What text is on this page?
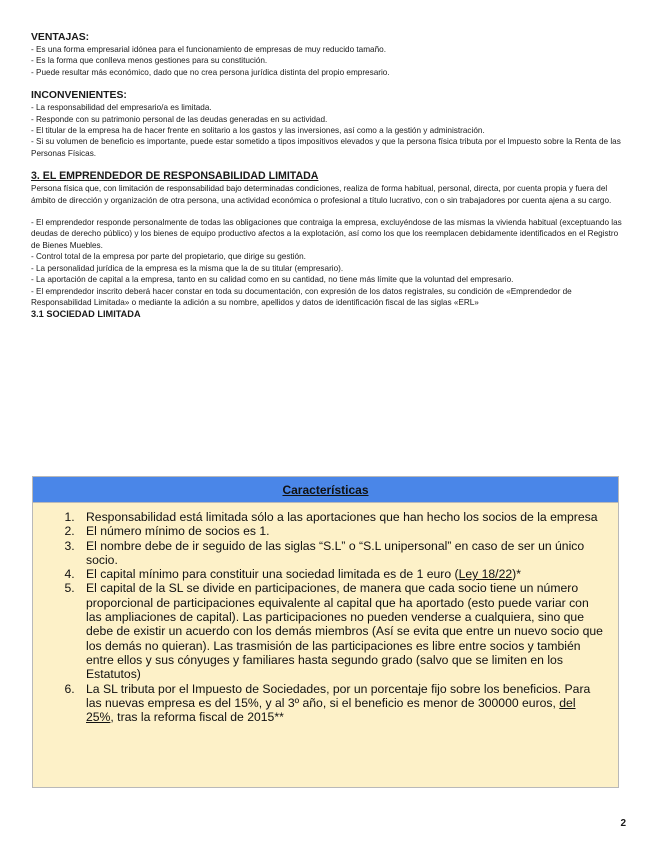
VENTAJAS:

- Es una forma empresarial idónea para el funcionamiento de empresas de muy reducido tamaño.

- Es la forma que conlleva menos gestiones para su constitución.

- Puede resultar más económico, dado que no crea persona jurídica distinta del propio empresario.

INCONVENIENTES:

- La responsabilidad del empresario/a es limitada.

- Responde con su patrimonio personal de las deudas generadas en su actividad.

- El titular de la empresa ha de hacer frente en solitario a los gastos y las inversiones, así como a la gestión y administración.

- Si su volumen de beneficio es importante, puede estar sometido a tipos impositivos elevados y que la persona física tributa por el Impuesto sobre la Renta de las Personas Físicas.

3. EL EMPRENDEDOR DE RESPONSABILIDAD LIMITADA

Persona física que, con limitación de responsabilidad bajo determinadas condiciones, realiza de forma habitual, personal, directa, por cuenta propia y fuera del ámbito de dirección y organización de otra persona, una actividad económica o profesional a título lucrativo, con o sin trabajadores por cuenta ajena a su cargo.

- El emprendedor responde personalmente de todas las obligaciones que contraiga la empresa, excluyéndose de las mismas la vivienda habitual (exceptuando las deudas de derecho público) y los bienes de equipo productivo afectos a la explotación, así como los que los reemplacen debidamente identificados en el Registro de Bienes Muebles.

- Control total de la empresa por parte del propietario, que dirige su gestión.

- La personalidad jurídica de la empresa es la misma que la de su titular (empresario).

- La aportación de capital a la empresa, tanto en su calidad como en su cantidad, no tiene más límite que la voluntad del empresario.

- El emprendedor inscrito deberá hacer constar en toda su documentación, con expresión de los datos registrales, su condición de «Emprendedor de Responsabilidad Limitada» o mediante la adición a su nombre, apellidos y datos de identificación fiscal de las siglas «ERL»

3.1 SOCIEDAD LIMITADA

Características
1. Responsabilidad está limitada sólo a las aportaciones que han hecho los socios de la empresa
2. El número mínimo de socios es 1.
3. El nombre debe de ir seguido de las siglas “S.L” o “S.L unipersonal” en caso de ser un único socio.
4. El capital mínimo para constituir una sociedad limitada es de 1 euro (Ley 18/22)*
5. El capital de la SL se divide en participaciones, de manera que cada socio tiene un número proporcional de participaciones equivalente al capital que ha aportado (esto puede variar con las ampliaciones de capital). Las participaciones no pueden venderse a cualquiera, sino que debe de existir un acuerdo con los demás miembros (Así se evita que entre un nuevo socio que los demás no quieran). Las trasmisión de las participaciones es libre entre socios y también entre ellos y sus cónyuges y familiares hasta segundo grado (salvo que se limiten en los Estatutos)
6. La SL tributa por el Impuesto de Sociedades, por un porcentaje fijo sobre los beneficios. Para las nuevas empresa es del 15%, y al 3º año, si el beneficio es menor de 300000 euros, del 25%, tras la reforma fiscal de 2015**
2
